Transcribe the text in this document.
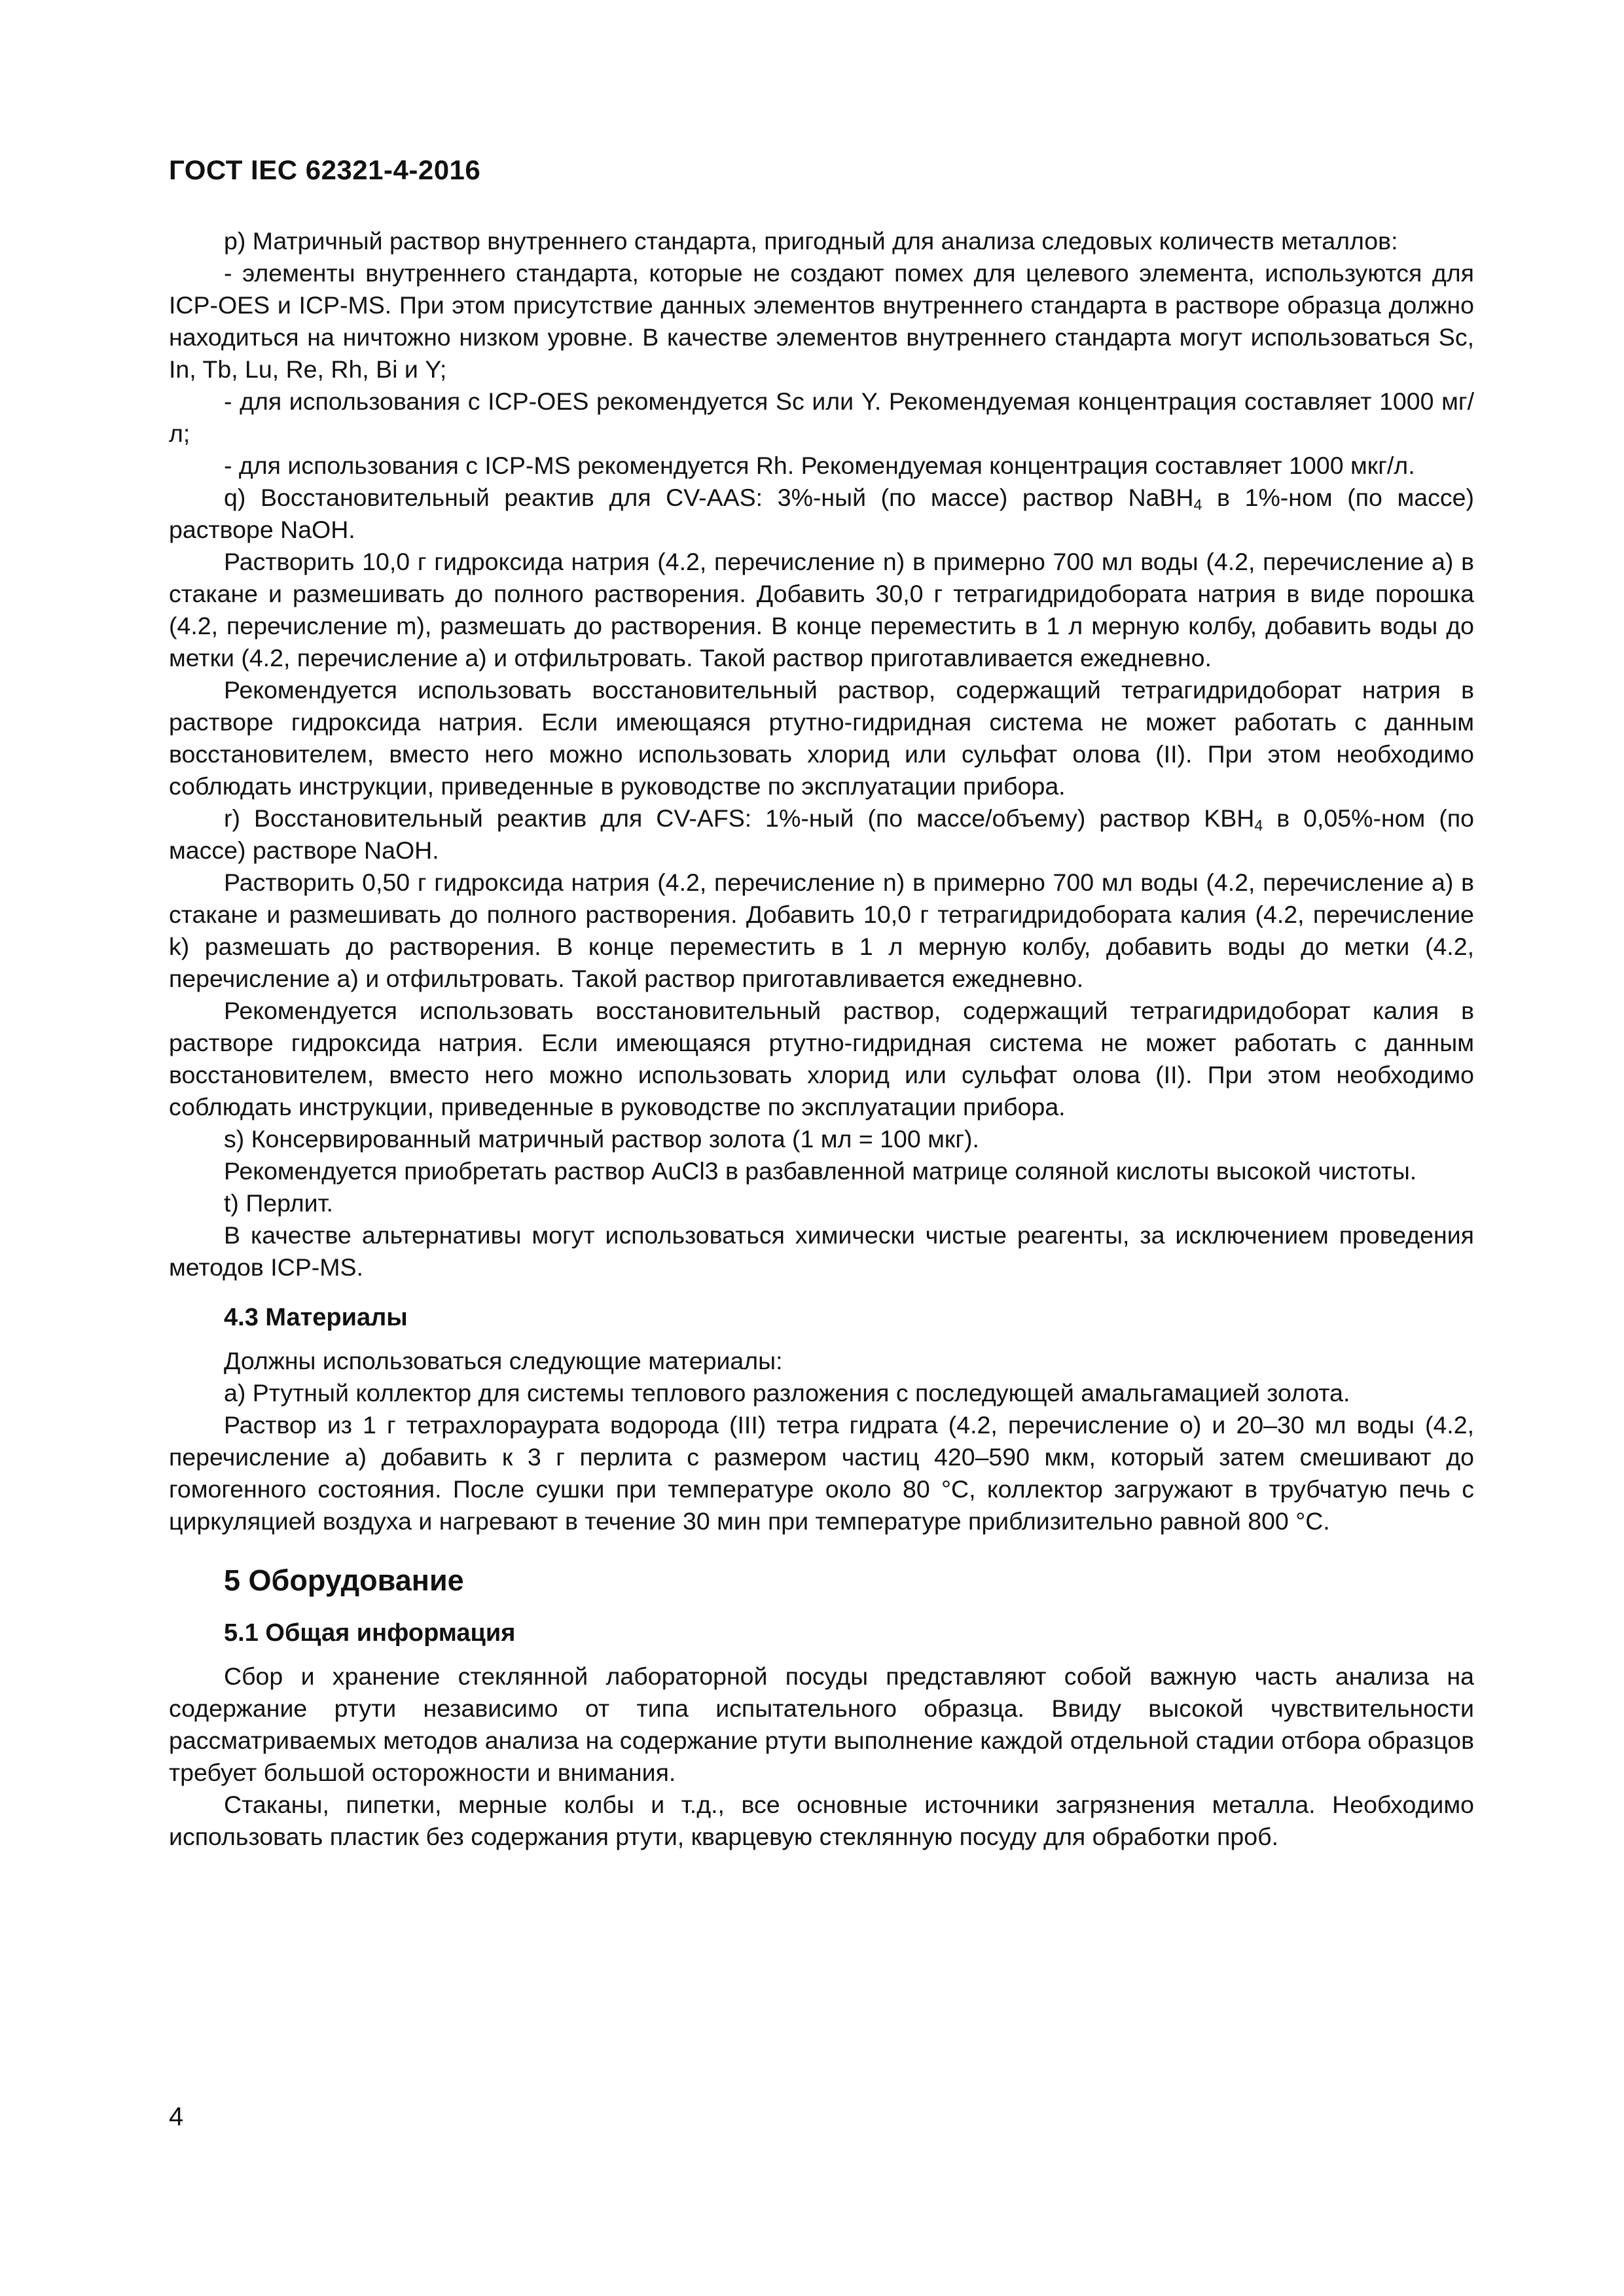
ГОСТ IEC 62321-4-2016

p) Матричный раствор внутреннего стандарта, пригодный для анализа следовых количеств металлов:

- элементы внутреннего стандарта, которые не создают помех для целевого элемента, используются для ICP-OES и ICP-MS. При этом присутствие данных элементов внутреннего стандарта в растворе образца должно находиться на ничтожно низком уровне. В качестве элементов внутреннего стандарта могут использоваться Sc, In, Tb, Lu, Re, Rh, Bi и Y;

- для использования с ICP-OES рекомендуется Sc или Y. Рекомендуемая концентрация составляет 1000 мг/л;

- для использования с ICP-MS рекомендуется Rh. Рекомендуемая концентрация составляет 1000 мкг/л.

q) Восстановительный реактив для CV-AAS: 3%-ный (по массе) раствор NaBH$_4$ в 1%-ном (по массе) растворе NaOH.

Растворить 10,0 г гидроксида натрия (4.2, перечисление n) в примерно 700 мл воды (4.2, перечисление a) в стакане и размешивать до полного растворения. Добавить 30,0 г тетрагидридобората натрия в виде порошка (4.2, перечисление m), размешать до растворения. В конце переместить в 1 л мерную колбу, добавить воды до метки (4.2, перечисление a) и отфильтровать. Такой раствор приготавливается ежедневно.

Рекомендуется использовать восстановительный раствор, содержащий тетрагидридоборат натрия в растворе гидроксида натрия. Если имеющаяся ртутно-гидридная система не может работать с данным восстановителем, вместо него можно использовать хлорид или сульфат олова (II). При этом необходимо соблюдать инструкции, приведенные в руководстве по эксплуатации прибора.

r) Восстановительный реактив для CV-AFS: 1%-ный (по массе/объему) раствор $KBH_4$ в 0,05%-ном (по массе) растворе NaOH.

Растворить 0,50 г гидроксида натрия (4.2, перечисление n) в примерно 700 мл воды (4.2, перечисление a) в стакане и размешивать до полного растворения. Добавить 10,0 г тетрагидридобората калия (4.2, перечисление k) размешать до растворения. В конце переместить в 1 л мерную колбу, добавить воды до метки (4.2, перечисление a) и отфильтровать. Такой раствор приготавливается ежедневно.

Рекомендуется использовать восстановительный раствор, содержащий тетрагидридоборат калия в растворе гидроксида натрия. Если имеющаяся ртутно-гидридная система не может работать с данным восстановителем, вместо него можно использовать хлорид или сульфат олова (II). При этом необходимо соблюдать инструкции, приведенные в руководстве по эксплуатации прибора.

s) Консервированный матричный раствор золота (1 мл = 100 мкг).

Рекомендуется приобретать раствор AuCl3 в разбавленной матрице соляной кислоты высокой чистоты.

t) Перлит.

В качестве альтернативы могут использоваться химически чистые реагенты, за исключением проведения методов ICP-MS.

4.3 Материалы

Должны использоваться следующие материалы:

a) Ртутный коллектор для системы теплового разложения с последующей амальгамацией золота.

Раствор из 1 г тетрахлораурата водорода (III) тетра гидрата (4.2, перечисление o) и 20–30 мл воды (4.2, перечисление a) добавить к 3 г перлита с размером частиц 420–590 мкм, который затем смешивают до гомогенного состояния. После сушки при температуре около 80 °С, коллектор загружают в трубчатую печь с циркуляцией воздуха и нагревают в течение 30 мин при температуре приблизительно равной 800 °С.

5 Оборудование
5.1 Общая информация

Сбор и хранение стеклянной лабораторной посуды представляют собой важную часть анализа на содержание ртути независимо от типа испытательного образца. Ввиду высокой чувствительности рассматриваемых методов анализа на содержание ртути выполнение каждой отдельной стадии отбора образцов требует большой осторожности и внимания.

Стаканы, пипетки, мерные колбы и т.д., все основные источники загрязнения металла. Необходимо использовать пластик без содержания ртути, кварцевую стеклянную посуду для обработки проб.

4
